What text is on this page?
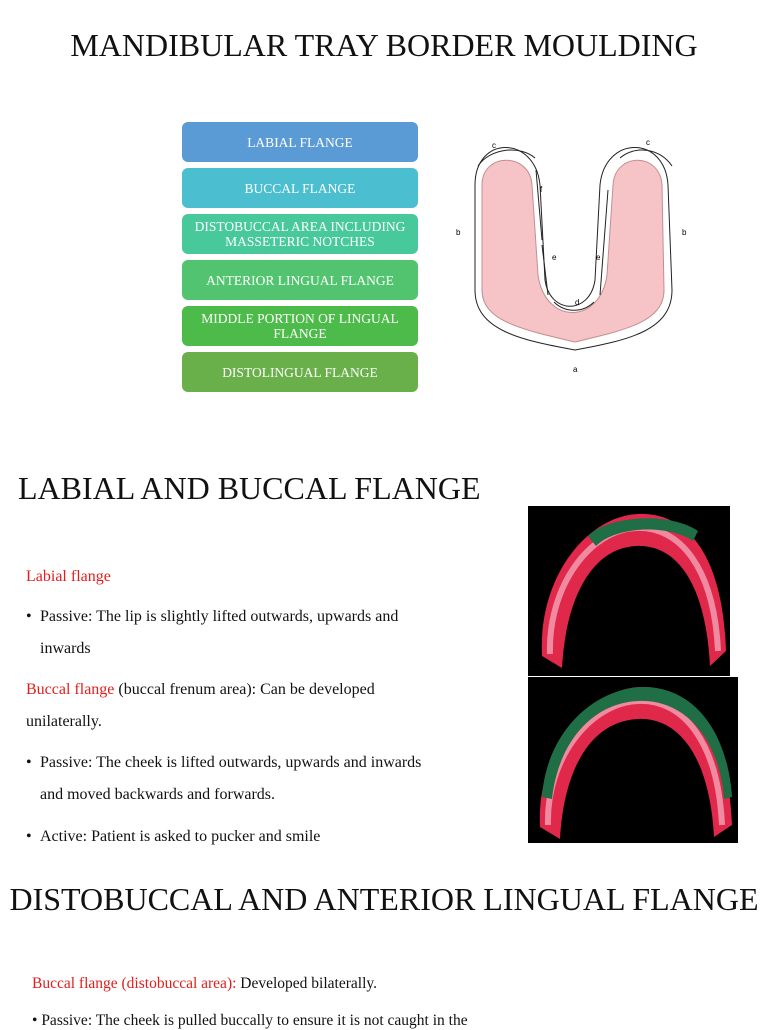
MANDIBULAR TRAY BORDER MOULDING
LABIAL FLANGE
BUCCAL FLANGE
DISTOBUCCAL AREA INCLUDING MASSETERIC NOTCHES
ANTERIOR LINGUAL FLANGE
MIDDLE PORTION OF LINGUAL FLANGE
DISTOLINGUAL FLANGE	a
b	b
c	c
d
e	e
f
LABIAL AND BUCCAL FLANGE

Labial flange

• Passive: The lip is slightly lifted outwards, upwards and
inwards

Buccal flange (buccal frenum area): Can be developed

unilaterally.

• Passive: The cheek is lifted outwards, upwards and inwards
and moved backwards and forwards.
• Active: Patient is asked to pucker and smile
DISTOBUCCAL AND ANTERIOR LINGUAL FLANGE

Buccal flange (distobuccal area): Developed bilaterally.

• Passive: The cheek is pulled buccally to ensure it is not caught in the
